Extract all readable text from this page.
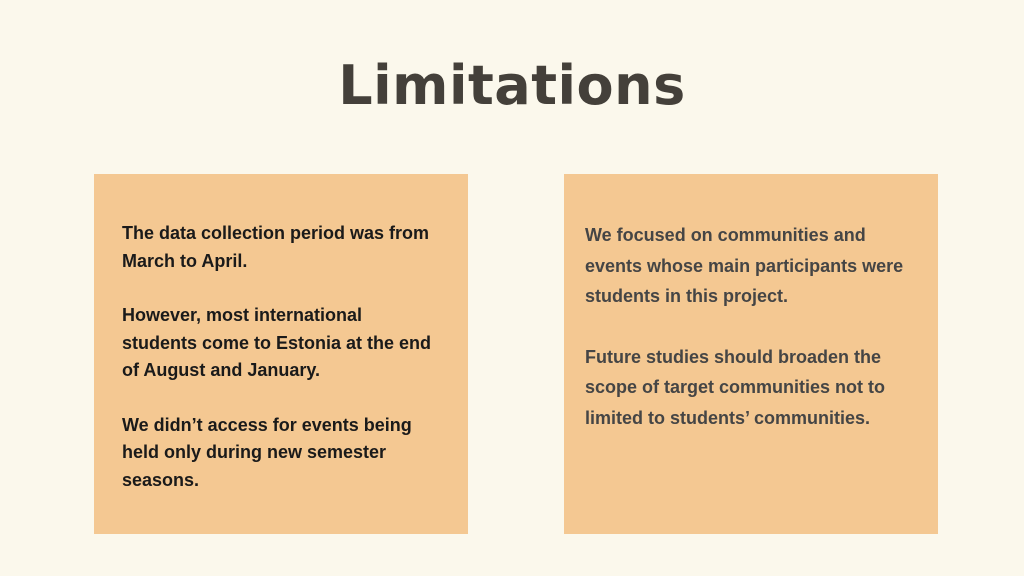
Limitations

The data collection period was from March to April.

However, most international students come to Estonia at the end of August and January.

We didn’t access for events being held only during new semester seasons.

We focused on communities and events whose main participants were students in this project.

Future studies should broaden the scope of target communities not to limited to students’ communities.
